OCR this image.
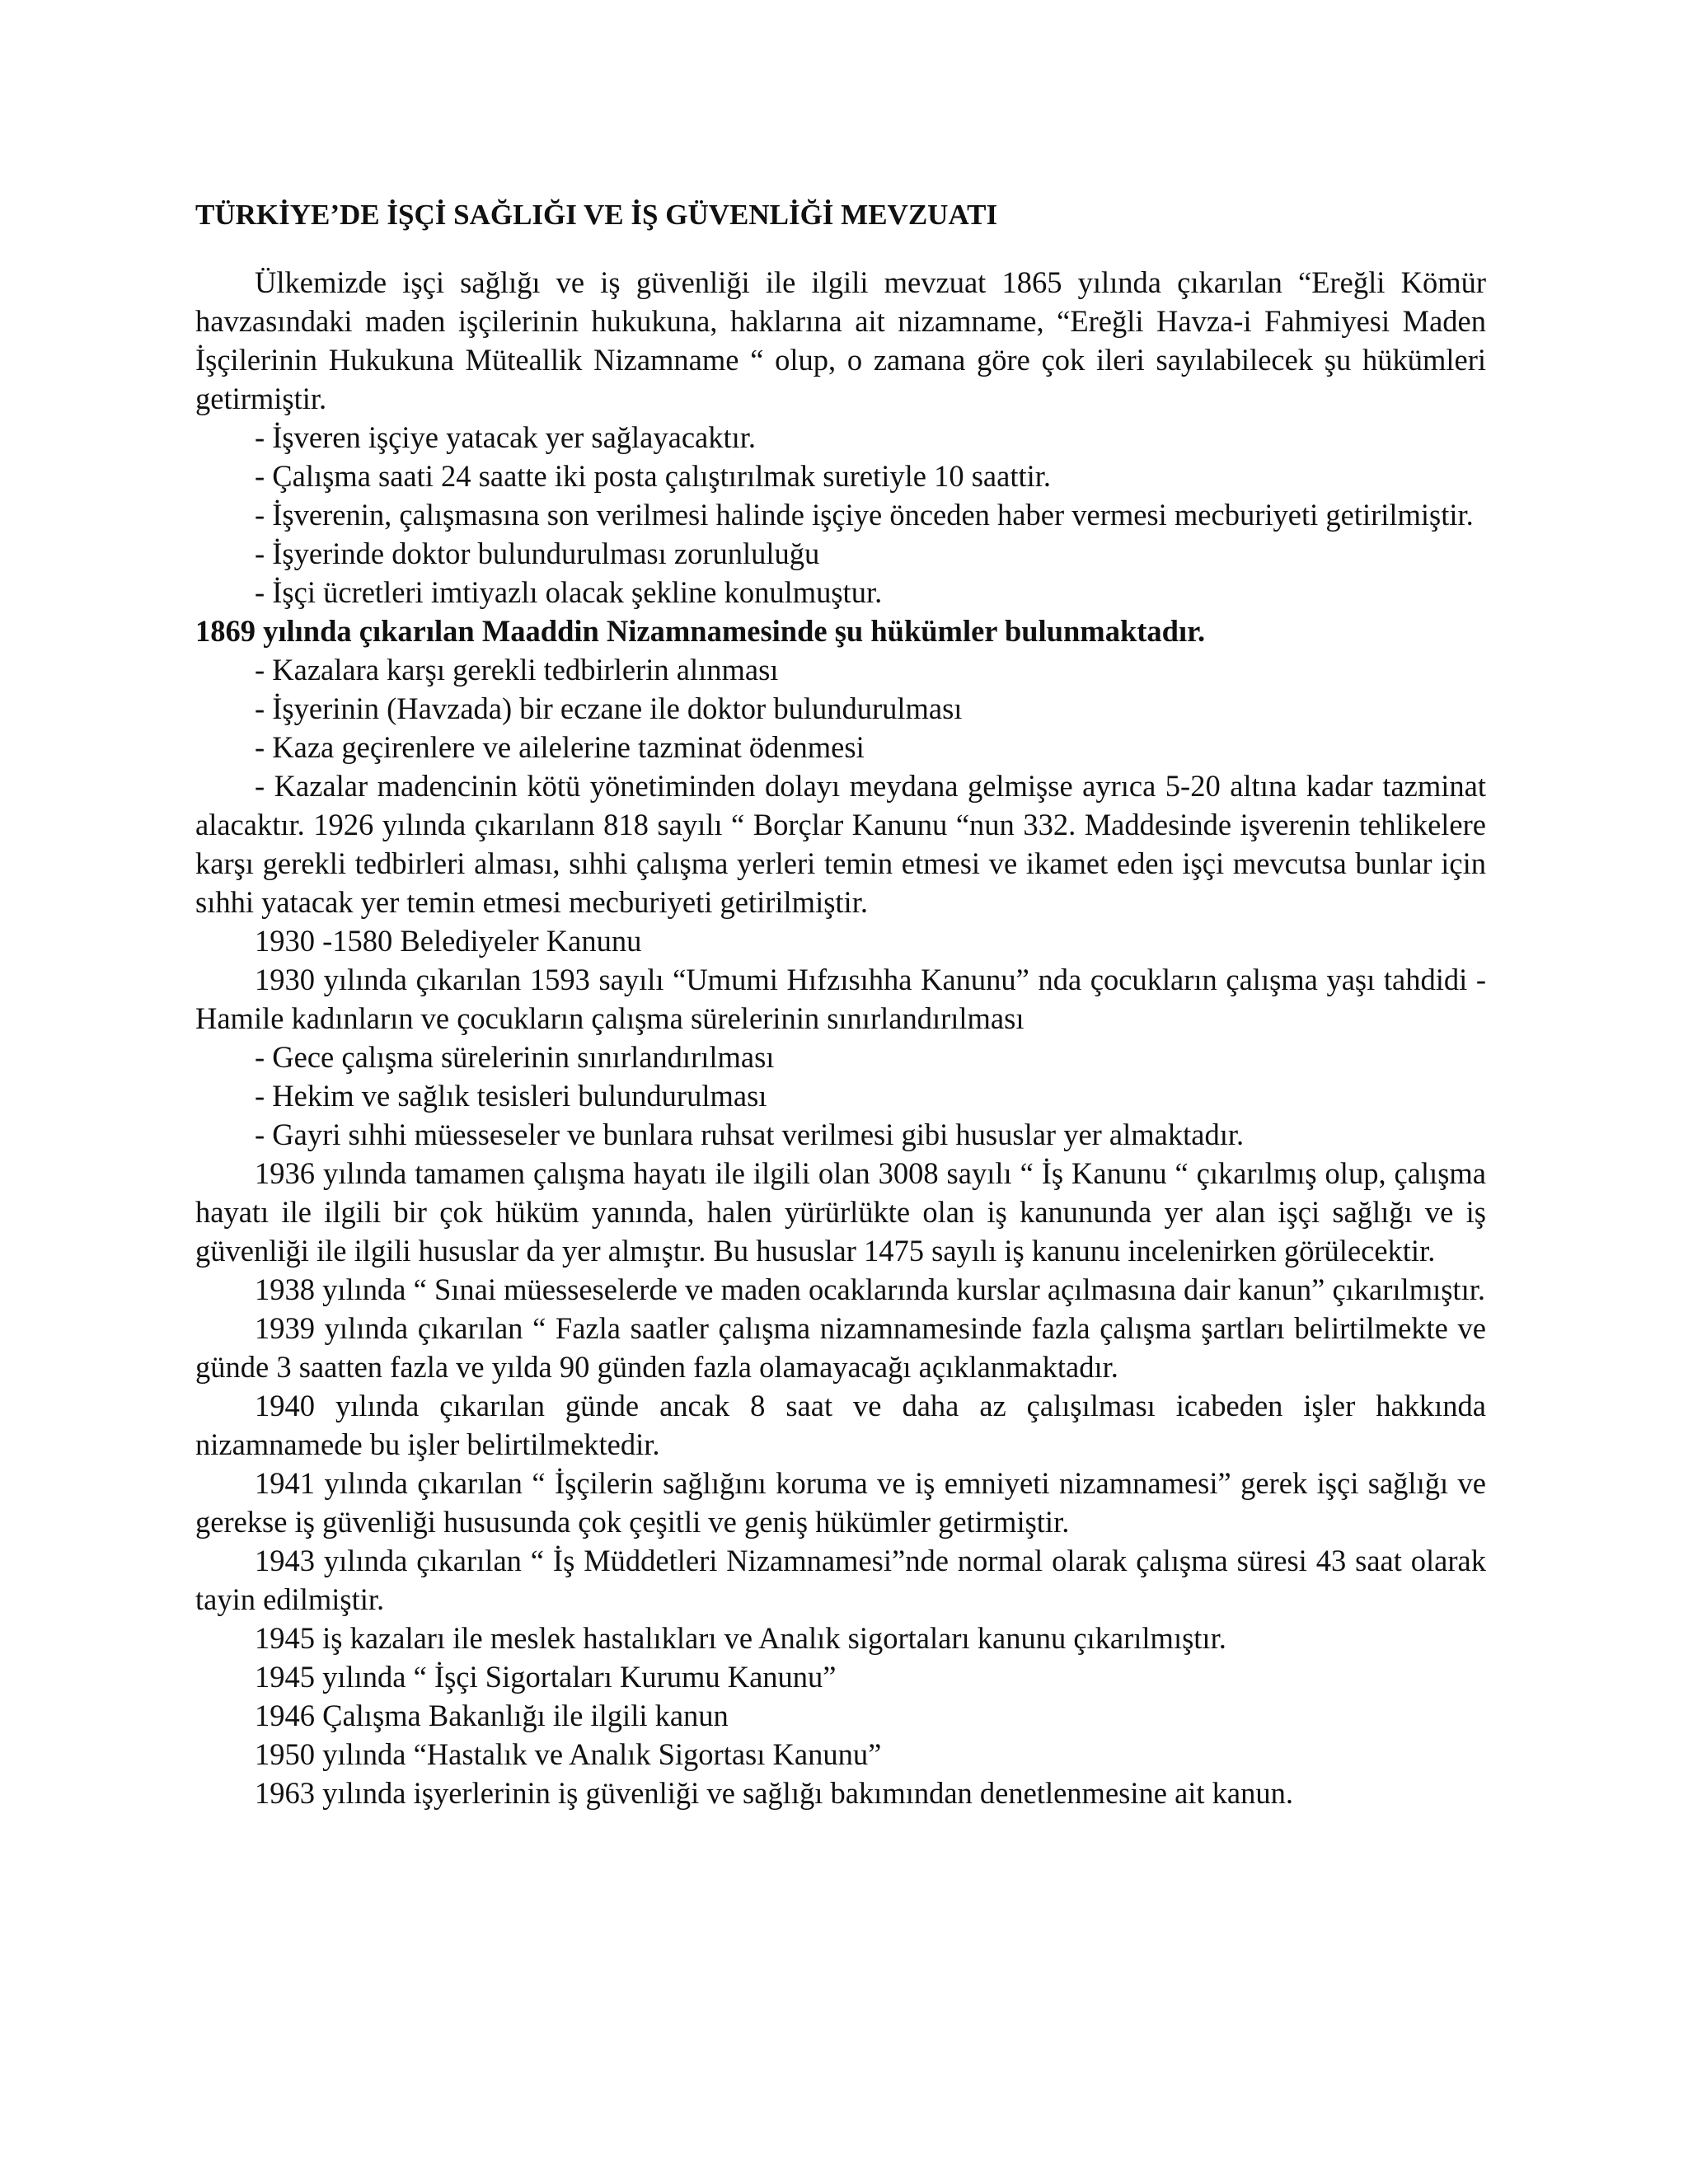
TÜRKİYE’DE İŞÇİ SAĞLIĞI VE İŞ GÜVENLİĞİ MEVZUATI

Ülkemizde işçi sağlığı ve iş güvenliği ile ilgili mevzuat 1865 yılında çıkarılan “Ereğli Kömür havzasındaki maden işçilerinin hukukuna, haklarına ait nizamname, “Ereğli Havza-i Fahmiyesi Maden İşçilerinin Hukukuna Müteallik Nizamname “ olup, o zamana göre çok ileri sayılabilecek şu hükümleri getirmiştir.

- İşveren işçiye yatacak yer sağlayacaktır.

- Çalışma saati 24 saatte iki posta çalıştırılmak suretiyle 10 saattir.

- İşverenin, çalışmasına son verilmesi halinde işçiye önceden haber vermesi mecburiyeti getirilmiştir.

- İşyerinde doktor bulundurulması zorunluluğu

- İşçi ücretleri imtiyazlı olacak şekline konulmuştur.

1869 yılında çıkarılan Maaddin Nizamnamesinde şu hükümler bulunmaktadır.

- Kazalara karşı gerekli tedbirlerin alınması

- İşyerinin (Havzada) bir eczane ile doktor bulundurulması

- Kaza geçirenlere ve ailelerine tazminat ödenmesi

- Kazalar madencinin kötü yönetiminden dolayı meydana gelmişse ayrıca 5-20 altına kadar tazminat alacaktır. 1926 yılında çıkarılann 818 sayılı “ Borçlar Kanunu “nun 332. Maddesinde işverenin tehlikelere karşı gerekli tedbirleri alması, sıhhi çalışma yerleri temin etmesi ve ikamet eden işçi mevcutsa bunlar için sıhhi yatacak yer temin etmesi mecburiyeti getirilmiştir.

1930 -1580 Belediyeler Kanunu

1930 yılında çıkarılan 1593 sayılı “Umumi Hıfzısıhha Kanunu” nda çocukların çalışma yaşı tahdidi - Hamile kadınların ve çocukların çalışma sürelerinin sınırlandırılması

- Gece çalışma sürelerinin sınırlandırılması

- Hekim ve sağlık tesisleri bulundurulması

- Gayri sıhhi müesseseler ve bunlara ruhsat verilmesi gibi hususlar yer almaktadır.

1936 yılında tamamen çalışma hayatı ile ilgili olan 3008 sayılı “ İş Kanunu “ çıkarılmış olup, çalışma hayatı ile ilgili bir çok hüküm yanında, halen yürürlükte olan iş kanununda yer alan işçi sağlığı ve iş güvenliği ile ilgili hususlar da yer almıştır. Bu hususlar 1475 sayılı iş kanunu incelenirken görülecektir.

1938 yılında “ Sınai müesseselerde ve maden ocaklarında kurslar açılmasına dair kanun” çıkarılmıştır.

1939 yılında çıkarılan “ Fazla saatler çalışma nizamnamesinde fazla çalışma şartları belirtilmekte ve günde 3 saatten fazla ve yılda 90 günden fazla olamayacağı açıklanmaktadır.

1940 yılında çıkarılan günde ancak 8 saat ve daha az çalışılması icabeden işler hakkında nizamnamede bu işler belirtilmektedir.

1941 yılında çıkarılan “ İşçilerin sağlığını koruma ve iş emniyeti nizamnamesi” gerek işçi sağlığı ve gerekse iş güvenliği hususunda çok çeşitli ve geniş hükümler getirmiştir.

1943 yılında çıkarılan “ İş Müddetleri Nizamnamesi”nde normal olarak çalışma süresi 43 saat olarak tayin edilmiştir.

1945 iş kazaları ile meslek hastalıkları ve Analık sigortaları kanunu çıkarılmıştır.

1945 yılında “ İşçi Sigortaları Kurumu Kanunu”

1946 Çalışma Bakanlığı ile ilgili kanun

1950 yılında “Hastalık ve Analık Sigortası Kanunu”

1963 yılında işyerlerinin iş güvenliği ve sağlığı bakımından denetlenmesine ait kanun.
